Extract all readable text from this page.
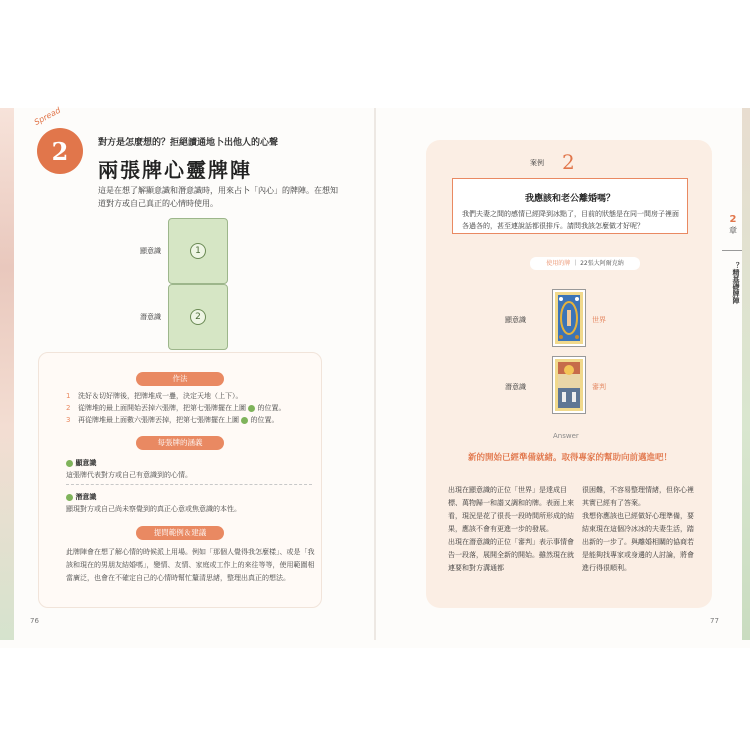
Spread
2	對方是怎麼想的？拒絕讀通地卜出他人的心聲
兩張牌心靈牌陣
這是在想了解顯意識和潛意識時，用來占卜「內心」的牌陣。在想知道對方或自己真正的心情時使用。
顯意識	1
潛意識	2
作法
1 洗好＆切好牌後，把牌堆成一疊，決定天地（上下）。
2 從牌堆的最上面開始丟掉六張牌，把第七張牌擺在上圖 的位置。
3 再從牌堆最上面數六張牌丟掉，把第七張牌擺在上圖 的位置。
每張牌的涵義
顯意識
這張牌代表對方或自己有意識到的心情。
潛意識
顯現對方或自己尚未察覺到的真正心意或焦意識的本性。
提問範例＆建議
此牌陣會在想了解心情的時候派上用場。例如「那個人覺得我怎麼樣」、或是「我該和現在的男朋友結婚嗎」，變情、友情、家庭或工作上的來往等等，使用範圍相當廣泛，也會在不確定自己的心情時幫忙釐清思緒，整理出真正的想法。
76
案例 2
我應該和老公離婚嗎？
我們夫妻之間的感情已經降到冰點了，目前的狀態是在同一間房子裡面各過各的，甚至連說話都很排斥。請問我該怎麼做才好呢？
使用的牌 ｜ 22張大阿爾克納
顯意識	世界
潛意識	審判
Answer
新的開始已經準備就緒。取得專家的幫助向前邁進吧！
出現在顯意識的正位「世界」是達成目標、萬物歸一和諧又調和的牌。表面上來看，現況是花了很長一段時間所形成的結果，應該不會有更進一步的發展。
出現在潛意識的正位「審判」表示事情會告一段落，展開全新的開始。雖然現在就連要和對方溝通都
很困難，不容易整理情緒，但你心裡其實已經有了答案。
我想你應該也已經做好心理準備，要結束現在這個冷冰冰的夫妻生活，踏出新的一步了。與離婚相關的協商若是能夠找專家或身邊的人討論，將會進行得很順利。
2
章
？精基礎牌陣
77
